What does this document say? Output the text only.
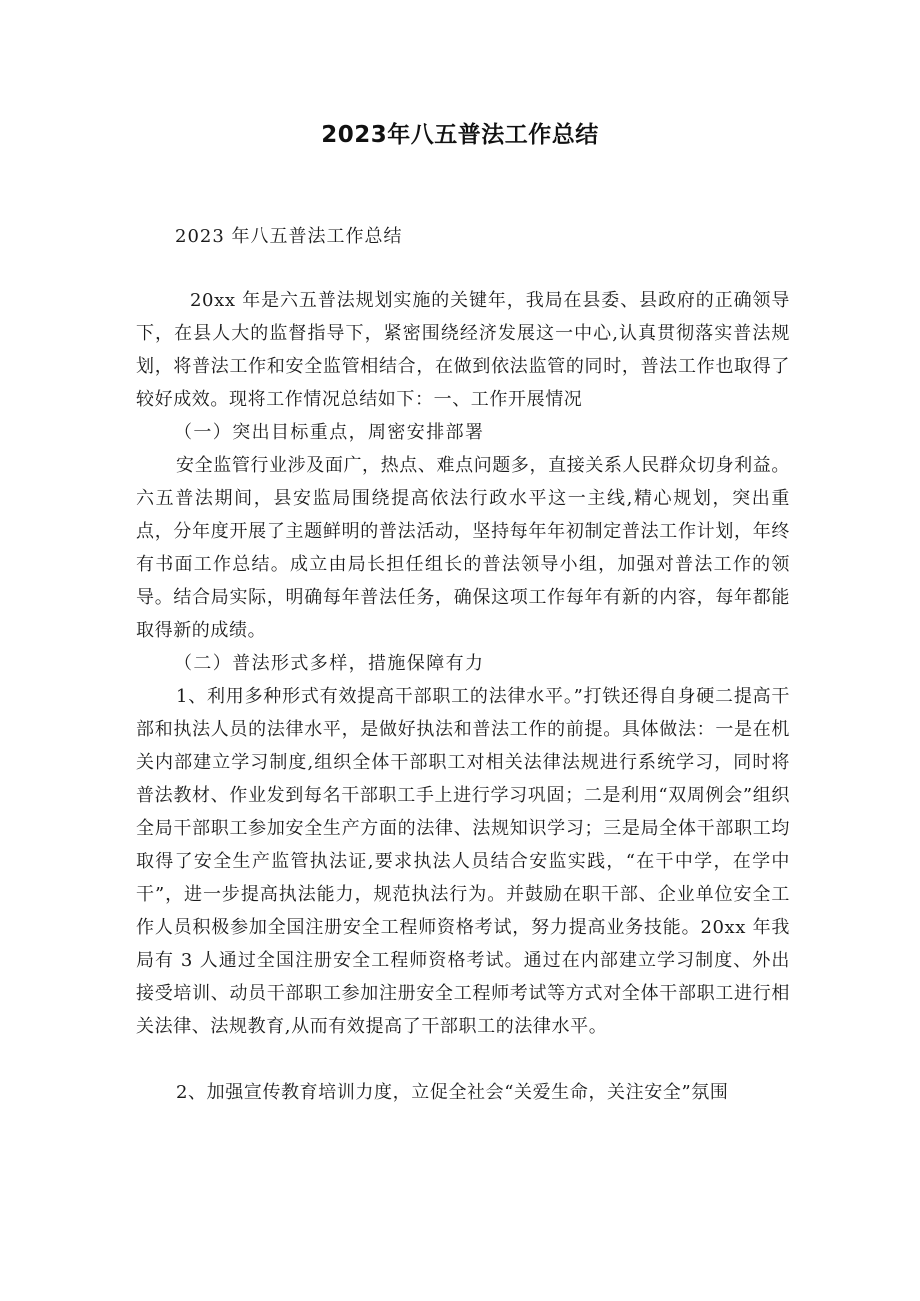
2023年八五普法工作总结
2023 年八五普法工作总结

20xx 年是六五普法规划实施的关键年，我局在县委、县政府的正确领导下，在县人大的监督指导下，紧密围绕经济发展这一中心,认真贯彻落实普法规划，将普法工作和安全监管相结合，在做到依法监管的同时，普法工作也取得了较好成效。现将工作情况总结如下：一、工作开展情况

（一）突出目标重点，周密安排部署

安全监管行业涉及面广，热点、难点问题多，直接关系人民群众切身利益。六五普法期间，县安监局围绕提高依法行政水平这一主线,精心规划，突出重点，分年度开展了主题鲜明的普法活动，坚持每年年初制定普法工作计划，年终有书面工作总结。成立由局长担任组长的普法领导小组，加强对普法工作的领导。结合局实际，明确每年普法任务，确保这项工作每年有新的内容，每年都能取得新的成绩。

（二）普法形式多样，措施保障有力

1、利用多种形式有效提高干部职工的法律水平。”打铁还得自身硬二提高干部和执法人员的法律水平，是做好执法和普法工作的前提。具体做法：一是在机关内部建立学习制度,组织全体干部职工对相关法律法规进行系统学习，同时将普法教材、作业发到每名干部职工手上进行学习巩固；二是利用“双周例会”组织全局干部职工参加安全生产方面的法律、法规知识学习；三是局全体干部职工均取得了安全生产监管执法证,要求执法人员结合安监实践，“在干中学，在学中干”，进一步提高执法能力，规范执法行为。并鼓励在职干部、企业单位安全工作人员积极参加全国注册安全工程师资格考试，努力提高业务技能。20xx 年我局有 3 人通过全国注册安全工程师资格考试。通过在内部建立学习制度、外出接受培训、动员干部职工参加注册安全工程师考试等方式对全体干部职工进行相关法律、法规教育,从而有效提高了干部职工的法律水平。

2、加强宣传教育培训力度，立促全社会“关爱生命，关注安全”氛围
